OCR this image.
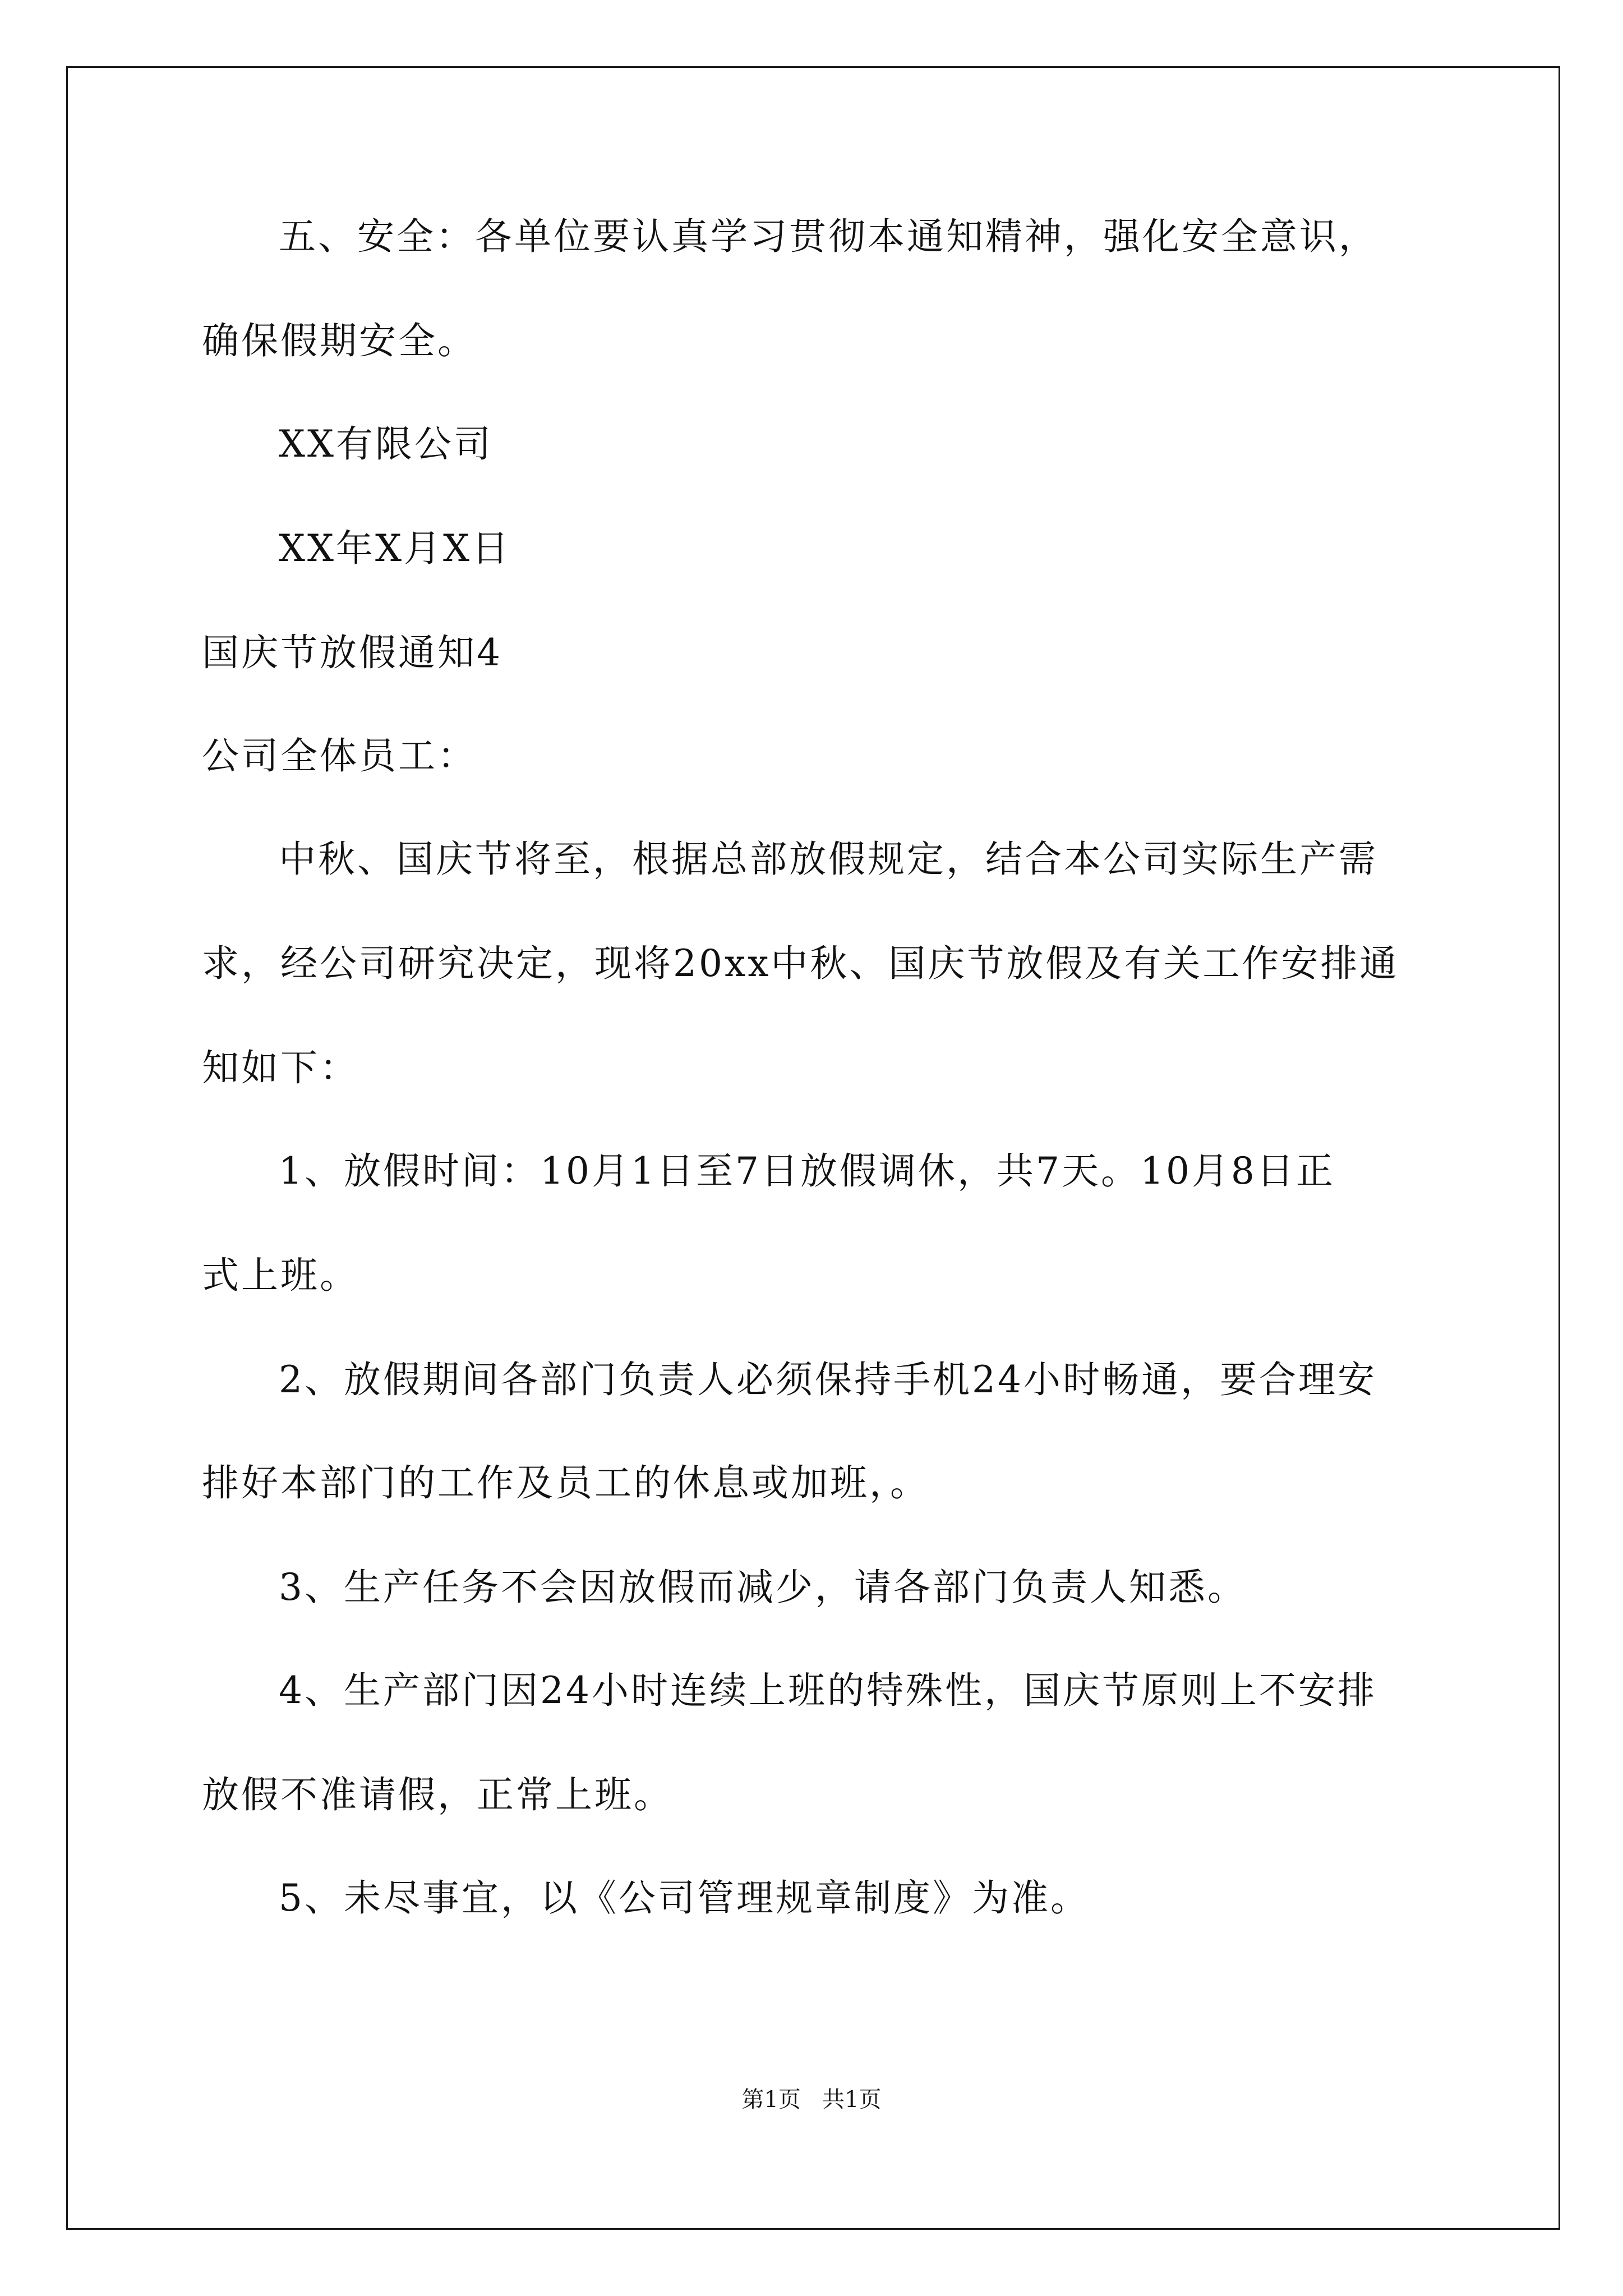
五、安全：各单位要认真学习贯彻本通知精神，强化安全意识，
确保假期安全。
XX有限公司
XX年X月X日
国庆节放假通知4
公司全体员工：
中秋、国庆节将至，根据总部放假规定，结合本公司实际生产需
求，经公司研究决定，现将20xx中秋、国庆节放假及有关工作安排通
知如下：
1、放假时间：10月1日至7日放假调休，共7天。10月8日正
式上班。
2、放假期间各部门负责人必须保持手机24小时畅通，要合理安
排好本部门的工作及员工的休息或加班，。
3、生产任务不会因放假而减少，请各部门负责人知悉。
4、生产部门因24小时连续上班的特殊性，国庆节原则上不安排
放假不准请假，正常上班。
5、未尽事宜，以《公司管理规章制度》为准。
第1页   共1页
